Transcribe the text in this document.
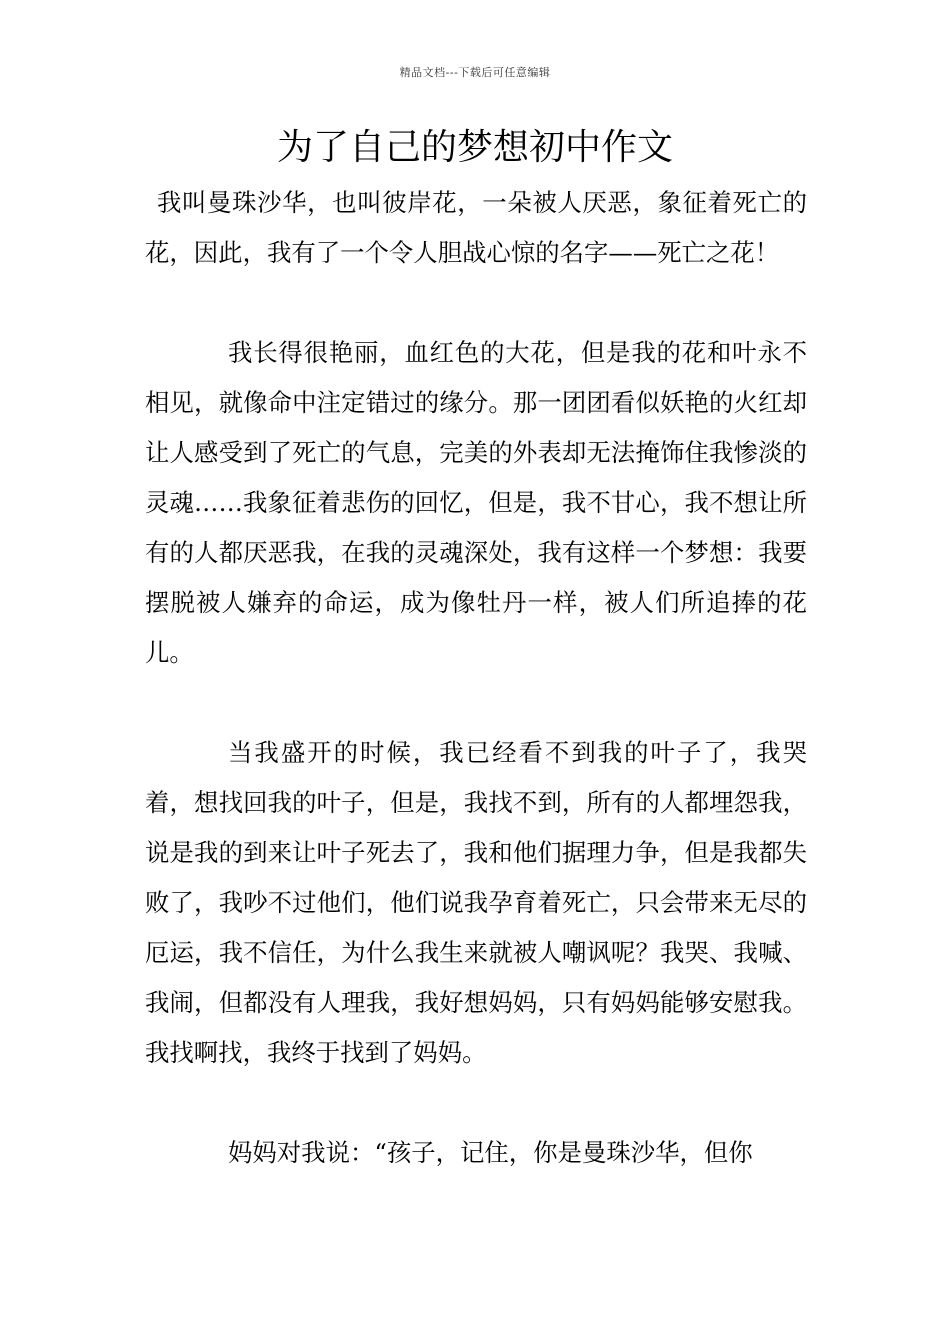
精品文档---下载后可任意编辑
为了自己的梦想初中作文

我叫曼珠沙华，也叫彼岸花，一朵被人厌恶，象征着死亡的花，因此，我有了一个令人胆战心惊的名字——死亡之花！

我长得很艳丽，血红色的大花，但是我的花和叶永不相见，就像命中注定错过的缘分。那一团团看似妖艳的火红却让人感受到了死亡的气息，完美的外表却无法掩饰住我惨淡的灵魂……我象征着悲伤的回忆，但是，我不甘心，我不想让所有的人都厌恶我，在我的灵魂深处，我有这样一个梦想：我要摆脱被人嫌弃的命运，成为像牡丹一样，被人们所追捧的花儿。

当我盛开的时候，我已经看不到我的叶子了，我哭着，想找回我的叶子，但是，我找不到，所有的人都埋怨我，说是我的到来让叶子死去了，我和他们据理力争，但是我都失败了，我吵不过他们，他们说我孕育着死亡，只会带来无尽的厄运，我不信任，为什么我生来就被人嘲讽呢？我哭、我喊、我闹，但都没有人理我，我好想妈妈，只有妈妈能够安慰我。我找啊找，我终于找到了妈妈。

妈妈对我说：“孩子，记住，你是曼珠沙华，但你
